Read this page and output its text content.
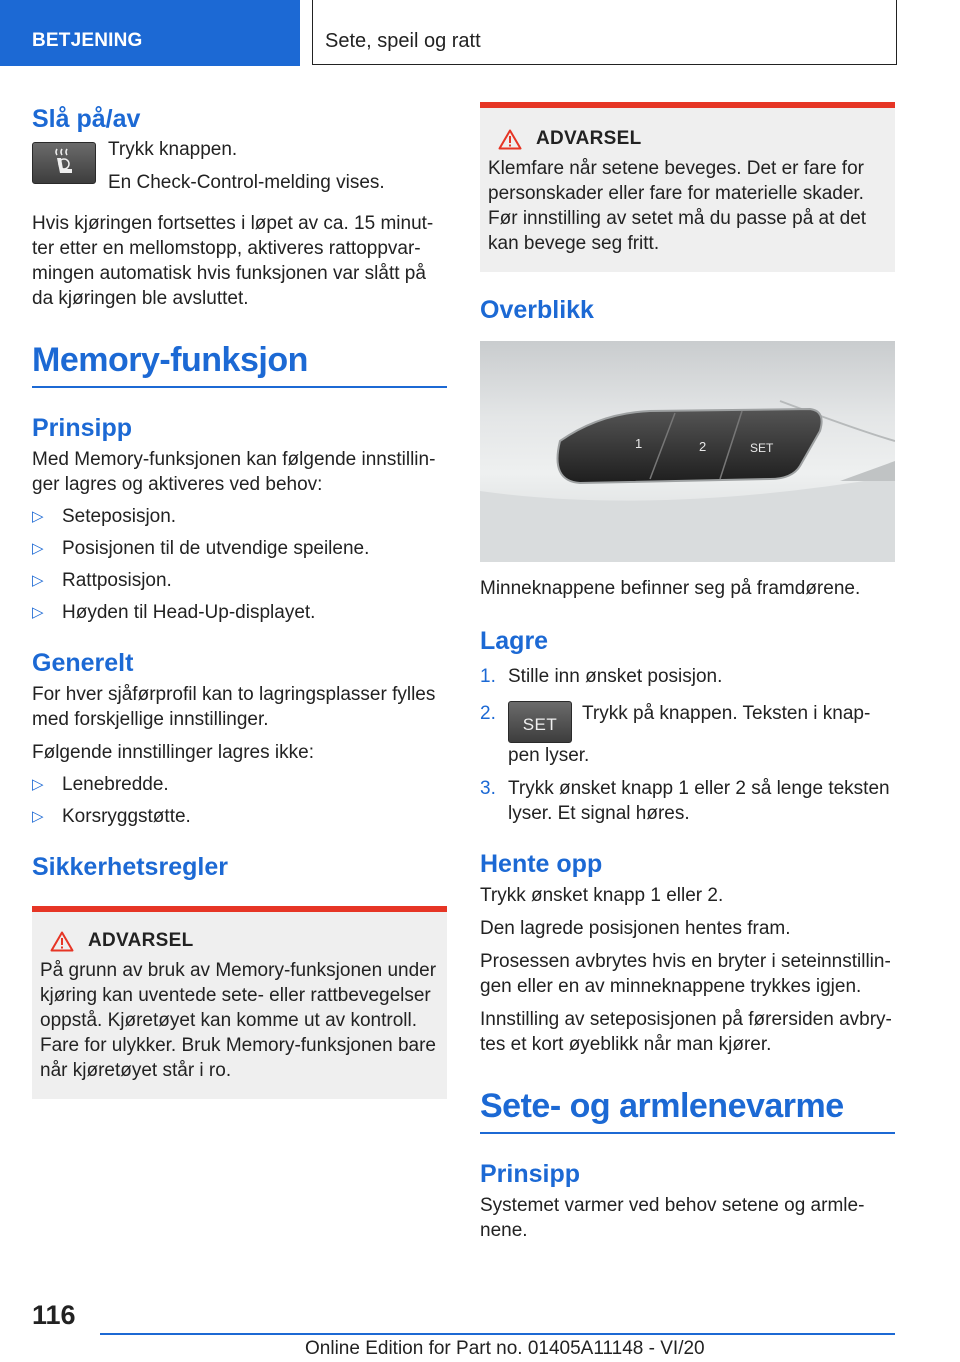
BETJENING	Sete, speil og ratt
Slå på/av

Trykk knappen.

En Check-Control-melding vises.

Hvis kjøringen fortsettes i løpet av ca. 15 minut-ter etter en mellomstopp, aktiveres rattoppvar-mingen automatisk hvis funksjonen var slått på da kjøringen ble avsluttet.

Memory-funksjon
Prinsipp

Med Memory-funksjonen kan følgende innstillin-ger lagres og aktiveres ved behov:

▷ Seteposisjon.
▷ Posisjonen til de utvendige speilene.
▷ Rattposisjon.
▷ Høyden til Head-Up-displayet.
Generelt

For hver sjåførprofil kan to lagringsplasser fylles med forskjellige innstillinger.

Følgende innstillinger lagres ikke:

▷ Lenebredde.
▷ Korsryggstøtte.
Sikkerhetsregler
ADVARSEL

På grunn av bruk av Memory-funksjonen under kjøring kan uventede sete- eller rattbevegelser oppstå. Kjøretøyet kan komme ut av kontroll. Fare for ulykker. Bruk Memory-funksjonen bare når kjøretøyet står i ro.

ADVARSEL

Klemfare når setene beveges. Det er fare for personskader eller fare for materielle skader. Før innstilling av setet må du passe på at det kan bevege seg fritt.

Overblikk
1	2	SET

Minneknappene befinner seg på framdørene.

Lagre
1. Stille inn ønsket posisjon.
2.
SET
Trykk på knappen. Teksten i knap-pen lyser.
3. Trykk ønsket knapp 1 eller 2 så lenge teksten lyser. Et signal høres.
Hente opp

Trykk ønsket knapp 1 eller 2.

Den lagrede posisjonen hentes fram.

Prosessen avbrytes hvis en bryter i seteinnstillin-gen eller en av minneknappene trykkes igjen.

Innstilling av seteposisjonen på førersiden avbry-tes et kort øyeblikk når man kjører.

Sete- og armlenevarme
Prinsipp

Systemet varmer ved behov setene og armle-nene.

116
Online Edition for Part no. 01405A11148 - VI/20
